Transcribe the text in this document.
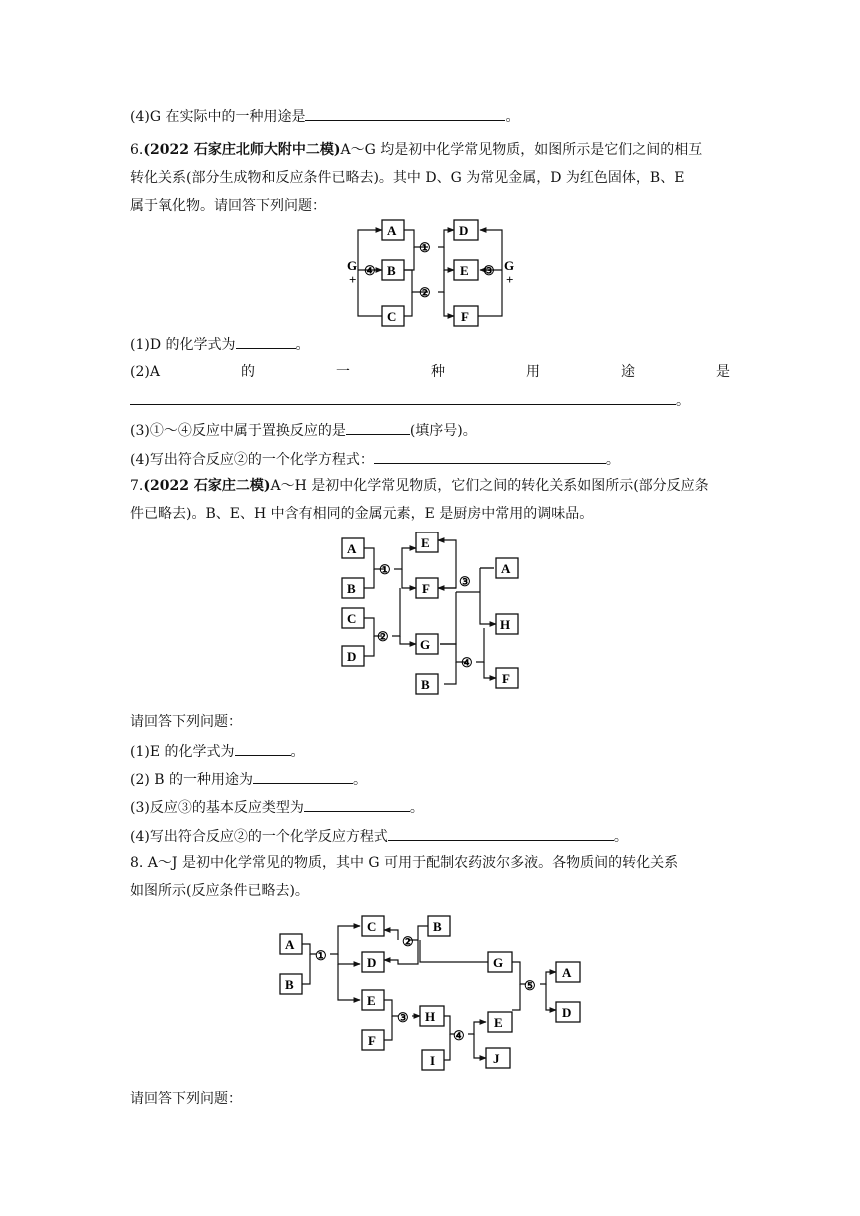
(4)G 在实际中的一种用途是	。
6.(2022 石家庄北师大附中二模)A～G 均是初中化学常见物质，如图所示是它们之间的相互
转化关系(部分生成物和反应条件已略去)。其中 D、G 为常见金属，D 为红色固体，B、E
属于氧化物。请回答下列问题：
A
B
C
D
E
F
①
②
③
④
G
+
G
+
(1)D 的化学式为	。
(2)A	的	一	种	用	途	是
。
(3)①～④反应中属于置换反应的是	(填序号)。
(4)写出符合反应②的一个化学方程式：	。
7.(2022 石家庄二模)A～H 是初中化学常见物质，它们之间的转化关系如图所示(部分反应条
件已略去)。B、E、H 中含有相同的金属元素，E 是厨房中常用的调味品。
A
B
C
D
E
F
G
B
A
H
F
①
②
③
④
请回答下列问题：
(1)E 的化学式为	。
(2) B 的一种用途为	。
(3)反应③的基本反应类型为	。
(4)写出符合反应②的一个化学反应方程式	。
8. A～J 是初中化学常见的物质，其中 G 可用于配制农药波尔多液。各物质间的转化关系
如图所示(反应条件已略去)。
A
B
C
D
B
G
A
D
E
F
H	E
I	J
①
②
③
④
⑤
请回答下列问题：
